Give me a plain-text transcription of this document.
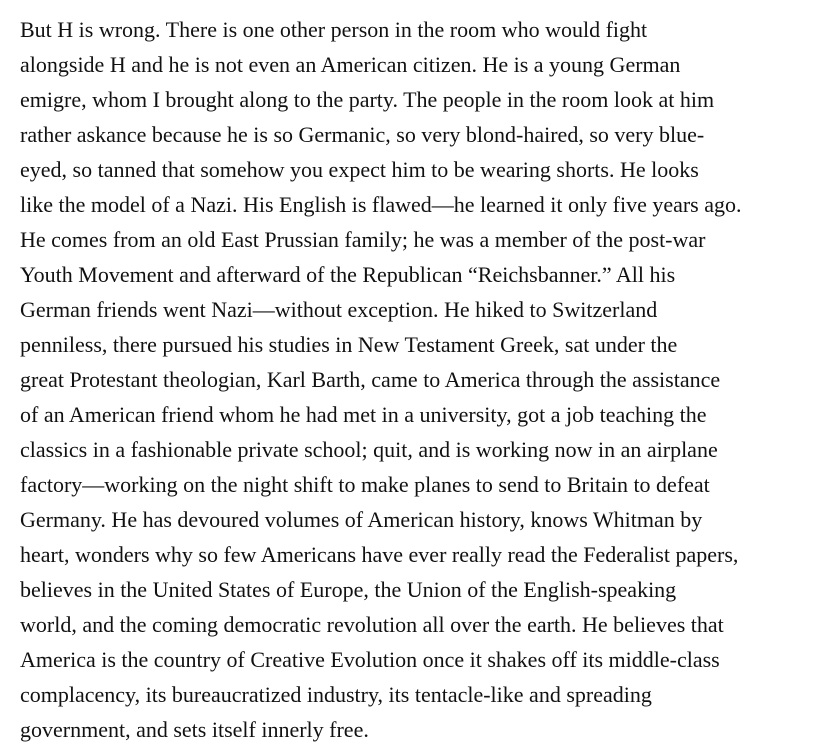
But H is wrong. There is one other person in the room who would fight
alongside H and he is not even an American citizen. He is a young German
emigre, whom I brought along to the party. The people in the room look at him
rather askance because he is so Germanic, so very blond-haired, so very blue-
eyed, so tanned that somehow you expect him to be wearing shorts. He looks
like the model of a Nazi. His English is flawed—he learned it only five years ago.
He comes from an old East Prussian family; he was a member of the post-war
Youth Movement and afterward of the Republican “Reichsbanner.” All his
German friends went Nazi—without exception. He hiked to Switzerland
penniless, there pursued his studies in New Testament Greek, sat under the
great Protestant theologian, Karl Barth, came to America through the assistance
of an American friend whom he had met in a university, got a job teaching the
classics in a fashionable private school; quit, and is working now in an airplane
factory—working on the night shift to make planes to send to Britain to defeat
Germany. He has devoured volumes of American history, knows Whitman by
heart, wonders why so few Americans have ever really read the Federalist papers,
believes in the United States of Europe, the Union of the English-speaking
world, and the coming democratic revolution all over the earth. He believes that
America is the country of Creative Evolution once it shakes off its middle-class
complacency, its bureaucratized industry, its tentacle-like and spreading
government, and sets itself innerly free.
